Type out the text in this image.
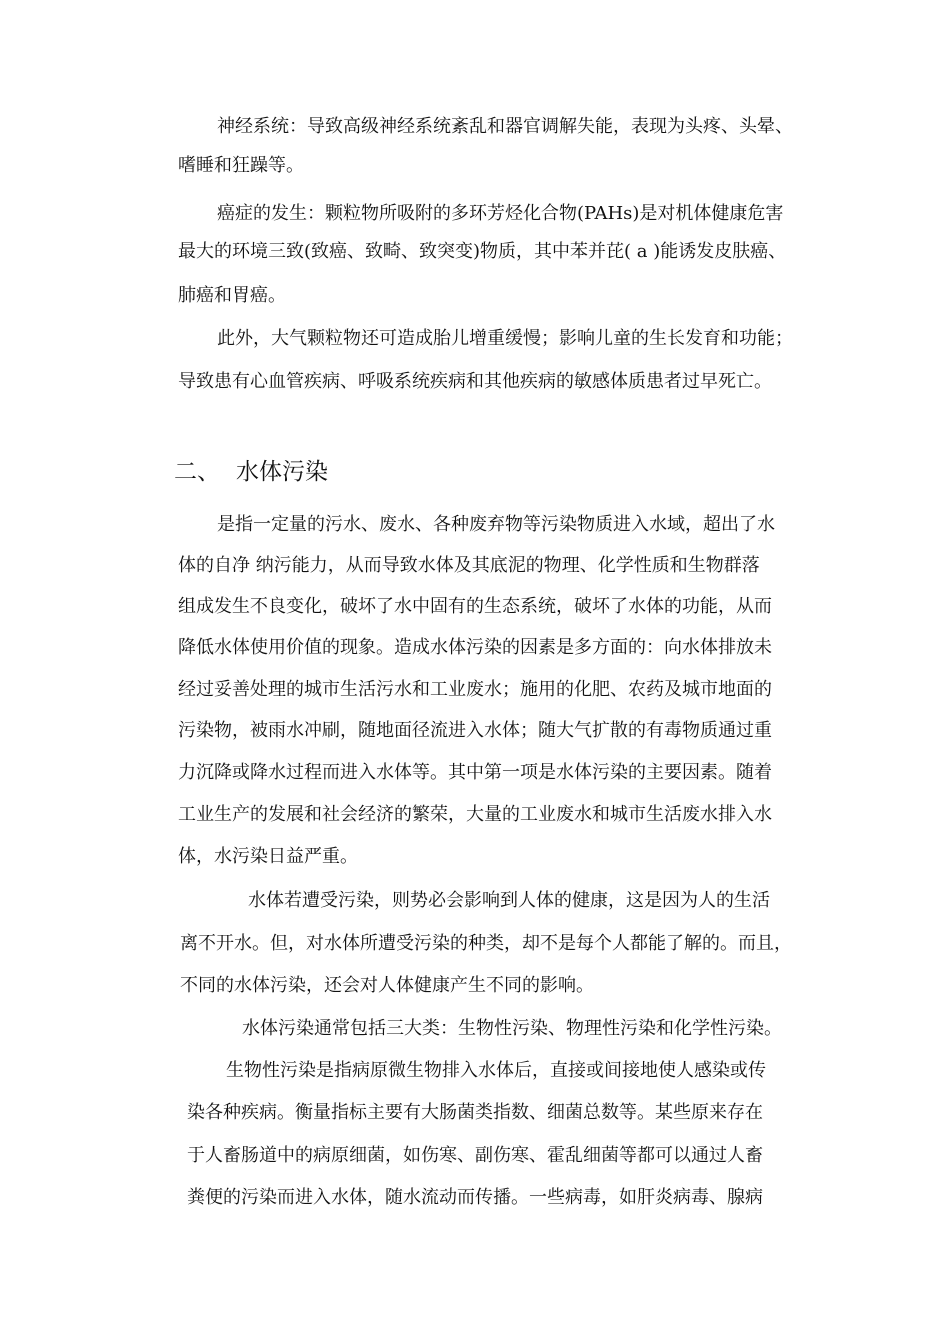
神经系统：导致高级神经系统紊乱和器官调解失能，表现为头疼、头晕、
嗜睡和狂躁等。
癌症的发生：颗粒物所吸附的多环芳烃化合物(PAHs)是对机体健康危害
最大的环境三致(致癌、致畸、致突变)物质，其中苯并芘( a )能诱发皮肤癌、
肺癌和胃癌。
此外，大气颗粒物还可造成胎儿增重缓慢；影响儿童的生长发育和功能；
导致患有心血管疾病、呼吸系统疾病和其他疾病的敏感体质患者过早死亡。
二、 水体污染
是指一定量的污水、废水、各种废弃物等污染物质进入水域，超出了水
体的自净 纳污能力，从而导致水体及其底泥的物理、化学性质和生物群落
组成发生不良变化，破坏了水中固有的生态系统，破坏了水体的功能，从而
降低水体使用价值的现象。造成水体污染的因素是多方面的：向水体排放未
经过妥善处理的城市生活污水和工业废水；施用的化肥、农药及城市地面的
污染物，被雨水冲刷，随地面径流进入水体；随大气扩散的有毒物质通过重
力沉降或降水过程而进入水体等。其中第一项是水体污染的主要因素。随着
工业生产的发展和社会经济的繁荣，大量的工业废水和城市生活废水排入水
体，水污染日益严重。
水体若遭受污染，则势必会影响到人体的健康，这是因为人的生活
离不开水。但，对水体所遭受污染的种类，却不是每个人都能了解的。而且，
不同的水体污染，还会对人体健康产生不同的影响。
水体污染通常包括三大类：生物性污染、物理性污染和化学性污染。
生物性污染是指病原微生物排入水体后，直接或间接地使人感染或传
染各种疾病。衡量指标主要有大肠菌类指数、细菌总数等。某些原来存在
于人畜肠道中的病原细菌，如伤寒、副伤寒、霍乱细菌等都可以通过人畜
粪便的污染而进入水体，随水流动而传播。一些病毒，如肝炎病毒、腺病
